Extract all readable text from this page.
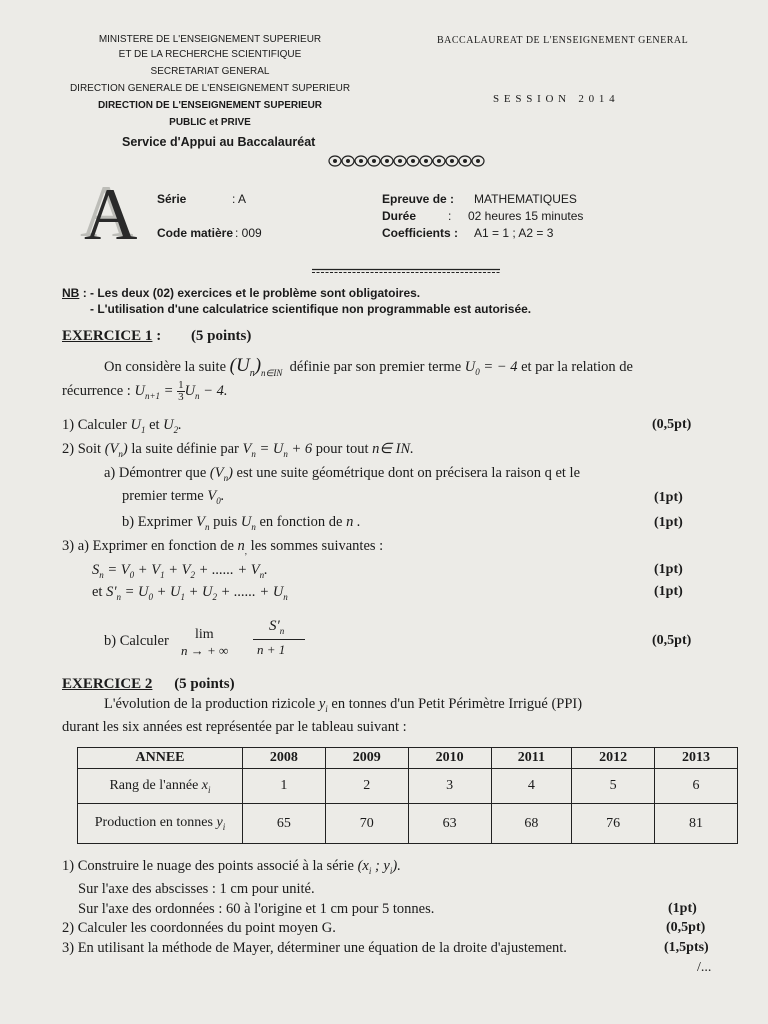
MINISTERE DE L'ENSEIGNEMENT SUPERIEUR
ET DE LA RECHERCHE SCIENTIFIQUE
SECRETARIAT GENERAL
DIRECTION GENERALE DE L'ENSEIGNEMENT SUPERIEUR
DIRECTION DE L'ENSEIGNEMENT SUPERIEUR
PUBLIC et PRIVE
Service d'Appui au Baccalauréat
BACCALAUREAT DE L'ENSEIGNEMENT GENERAL
S E S S I O N   2 0 1 4
A Série	: A
Code matière : 009
Epreuve de : MATHEMATIQUES
Durée	:     02 heures 15 minutes
Coefficients : A1 = 1 ; A2 = 3
NB : - Les deux (02) exercices et le problème sont obligatoires.
- L'utilisation d'une calculatrice scientifique non programmable est autorisée.
EXERCICE 1 : (5 points)
On considère la suite $(U_n)_{n\in IN}$ définie par son premier terme $U_0$ = − 4 et par la relation de
récurrence : $U_{n+1} = \frac{1}{3} U_n - 4$.
1) Calculer $U_1$ et $U_2$.	(0,5pt)
2) Soit $(V_n)$ la suite définie par $V_n = U_n + 6$ pour tout n∈ IN.
a) Démontrer que $(V_n)$ est une suite géométrique dont on précisera la raison q et le
premier terme $V_0$.	(1pt)
b) Exprimer $V_n$ puis $U_n$ en fonction de n .	(1pt)
3) a) Exprimer en fonction de $n_,$ les sommes suivantes :
$S_n = V_0 + V_1 + V_2$ + ...... + $V_n$.	(1pt)
et $S'_n = U_0 + U_1 + U_2$ + ...... + $U_n$	(1pt)
b) Calculer lim
n → + ∞
$S'_n$
n + 1
(0,5pt)
EXERCICE 2 (5 points)
L'évolution de la production rizicole $y_i$ en tonnes d'un Petit Périmètre Irrigué (PPI)
durant les six années est représentée par le tableau suivant :
ANNEE	2008	2009	2010	2011	2012	2013
Rang de l'année $x_i$	1	2	3	4	5	6
Production en tonnes $y_i$	65	70	63	68	76	81
1) Construire le nuage des points associé à la série ($x_i$ ; $y_i$).
Sur l'axe des abscisses : 1 cm pour unité.
Sur l'axe des ordonnées : 60 à l'origine et 1 cm pour 5 tonnes.	(1pt)
2) Calculer les coordonnées du point moyen G.	(0,5pt)
3) En utilisant la méthode de Mayer, déterminer une équation de la droite d'ajustement.	(1,5pts)
/...
